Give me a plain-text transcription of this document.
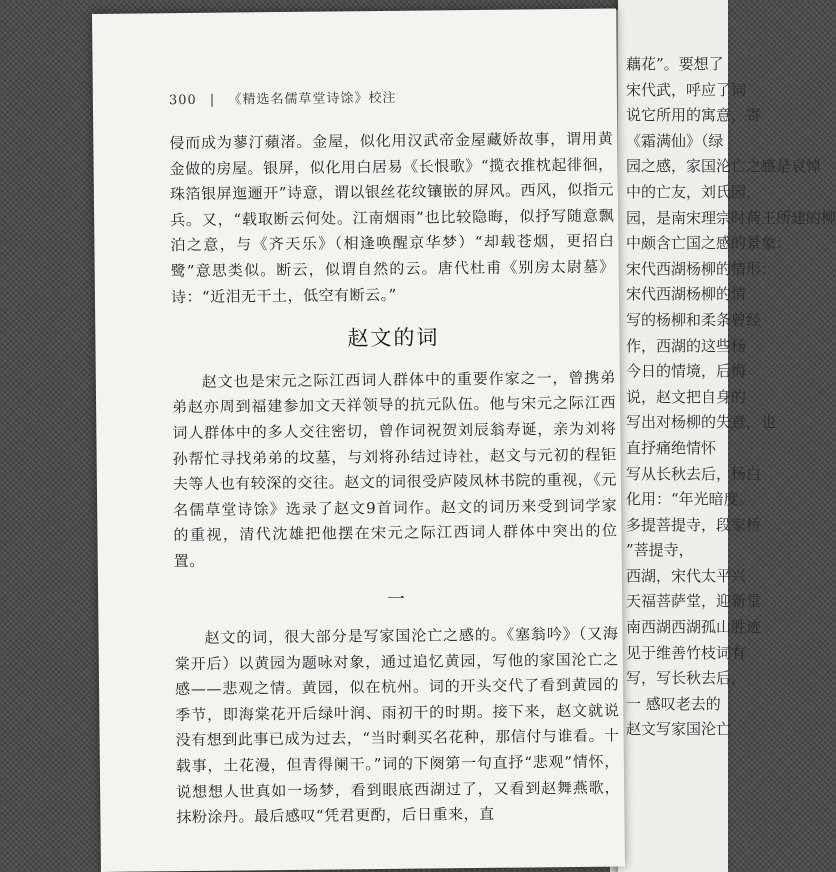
藕花”。要想了
宋代武，呼应了词
说它所用的寓意，寄
《霜满仙》（绿
园之感，家国沦亡之感是哀悼
中的亡友，刘氏园，
园，是南宋理宗时荷王所建的柳
中颇含亡国之感的景象：
宋代西湖杨柳的情形：
宋代西湖杨柳的情
写的杨柳和柔条曾经
作，西湖的这些杨
今日的情境，后悔
说，赵文把自身的
写出对杨柳的失意，也
直抒痛绝情怀
写从长秋去后，杨白
化用：“年光暗度。
多提菩提寺，段家桥
”菩提寺，
西湖，宋代太平兴
天福菩萨堂，迎新堂
南西湖西湖孤山胜迹
见于维善竹枝词有
写，写长秋去后，
一 感叹老去的
赵文写家国沦亡
300 | 《精选名儒草堂诗馀》校注

侵而成为蓼汀蘋渚。金屋，似化用汉武帝金屋藏娇故事，谓用黄金做的房屋。银屏，似化用白居易《长恨歌》“揽衣推枕起徘徊，珠箔银屏迤逦开”诗意，谓以银丝花纹镶嵌的屏风。西风，似指元兵。又，“载取断云何处。江南烟雨”也比较隐晦，似抒写随意飘泊之意，与《齐天乐》（相逢唤醒京华梦）“却载苍烟，更招白鹭”意思类似。断云，似谓自然的云。唐代杜甫《别房太尉墓》诗：“近泪无干土，低空有断云。”

赵文的词

赵文也是宋元之际江西词人群体中的重要作家之一，曾携弟弟赵亦周到福建参加文天祥领导的抗元队伍。他与宋元之际江西词人群体中的多人交往密切，曾作词祝贺刘辰翁寿诞，亲为刘将孙帮忙寻找弟弟的坟墓，与刘将孙结过诗社，赵文与元初的程钜夫等人也有较深的交往。赵文的词很受庐陵凤林书院的重视，《元名儒草堂诗馀》选录了赵文9首词作。赵文的词历来受到词学家的重视，清代沈雄把他摆在宋元之际江西词人群体中突出的位置。

一

赵文的词，很大部分是写家国沦亡之感的。《塞翁吟》（又海棠开后）以黄园为题咏对象，通过追忆黄园，写他的家国沦亡之感——悲观之情。黄园，似在杭州。词的开头交代了看到黄园的季节，即海棠花开后绿叶润、雨初干的时期。接下来，赵文就说没有想到此事已成为过去，“当时剩买名花种，那信付与谁看。十载事，土花漫，但青得阑干。”词的下阕第一句直抒“悲观”情怀，说想想人世真如一场梦，看到眼底西湖过了，又看到赵舞燕歌，抹粉涂丹。最后感叹“凭君更酌，后日重来，直
